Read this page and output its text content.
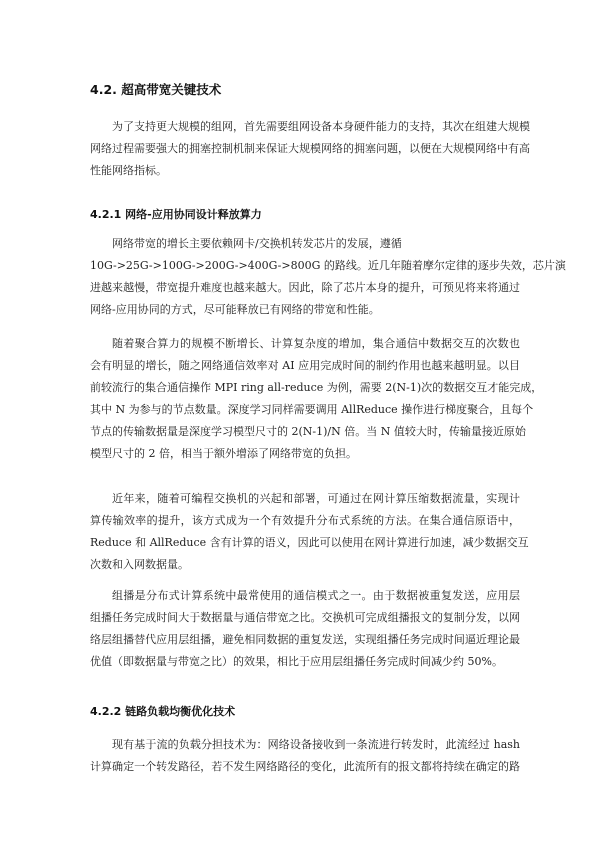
4.2. 超高带宽关键技术
为了支持更大规模的组网，首先需要组网设备本身硬件能力的支持，其次在组建大规模
网络过程需要强大的拥塞控制机制来保证大规模网络的拥塞问题，以便在大规模网络中有高
性能网络指标。
4.2.1 网络-应用协同设计释放算力
网络带宽的增长主要依赖网卡/交换机转发芯片的发展，遵循
10G->25G->100G->200G->400G->800G 的路线。近几年随着摩尔定律的逐步失效，芯片演
进越来越慢，带宽提升难度也越来越大。因此，除了芯片本身的提升，可预见将来将通过
网络-应用协同的方式，尽可能释放已有网络的带宽和性能。
随着聚合算力的规模不断增长、计算复杂度的增加，集合通信中数据交互的次数也
会有明显的增长，随之网络通信效率对 AI 应用完成时间的制约作用也越来越明显。以目
前较流行的集合通信操作 MPI ring all-reduce 为例，需要 2(N-1)次的数据交互才能完成，
其中 N 为参与的节点数量。深度学习同样需要调用 AllReduce 操作进行梯度聚合，且每个
节点的传输数据量是深度学习模型尺寸的 2(N-1)/N 倍。当 N 值较大时，传输量接近原始
模型尺寸的 2 倍，相当于额外增添了网络带宽的负担。
近年来，随着可编程交换机的兴起和部署，可通过在网计算压缩数据流量，实现计
算传输效率的提升，该方式成为一个有效提升分布式系统的方法。在集合通信原语中，
Reduce 和 AllReduce 含有计算的语义，因此可以使用在网计算进行加速，减少数据交互
次数和入网数据量。
组播是分布式计算系统中最常使用的通信模式之一。由于数据被重复发送，应用层
组播任务完成时间大于数据量与通信带宽之比。交换机可完成组播报文的复制分发，以网
络层组播替代应用层组播，避免相同数据的重复发送，实现组播任务完成时间逼近理论最
优值（即数据量与带宽之比）的效果，相比于应用层组播任务完成时间减少约 50%。
4.2.2 链路负载均衡优化技术
现有基于流的负载分担技术为：网络设备接收到一条流进行转发时，此流经过 hash
计算确定一个转发路径，若不发生网络路径的变化，此流所有的报文都将持续在确定的路
